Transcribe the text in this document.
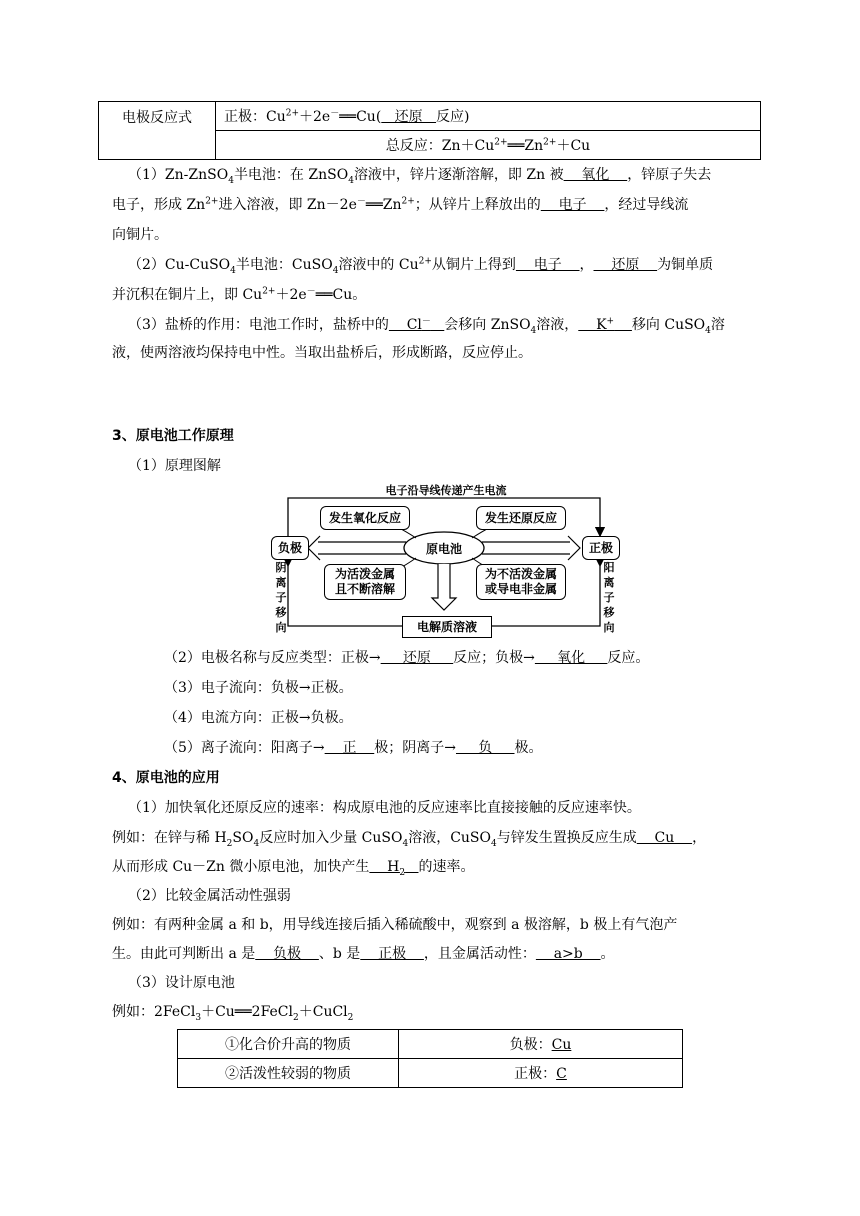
电极反应式	正极：$Cu^{2+}+2e^-══Cu$(   还原   反应)
总反应：$Zn+Cu^{2+}══Zn^{2+}+Cu$
（1）Zn-ZnSO$_4$半电池：在 ZnSO$_4$溶液中，锌片逐渐溶解，即 Zn 被    氧化    ，锌原子失去
电子，形成 $Zn^{2+}$进入溶液，即 $Zn-2e^-══Zn^{2+}$；从锌片上释放出的    电子    ，经过导线流
向铜片。
（2）Cu-CuSO$_4$半电池：CuSO$_4$溶液中的 $Cu^{2+}$从铜片上得到    电子    ，    还原    为铜单质
并沉积在铜片上，即 $Cu^{2+}+2e^-══Cu$。
（3）盐桥的作用：电池工作时，盐桥中的    Cl－ 会移向 ZnSO$_4$溶液，    K+ 移向 CuSO$_4$溶
液，使两溶液均保持电中性。当取出盐桥后，形成断路，反应停止。
3、原电池工作原理
（1）原理图解
电子沿导线传递产生电流
负极	正极
原电池
发生氧化反应	发生还原反应
为活泼金属
且不断溶解
为不活泼金属
或导电非金属
电解质溶液
阴
离
子
移
向
阳
离
子
移
向
（2）电极名称与反应类型：正极→     还原     反应；负极→     氧化     反应。
（3）电子流向：负极→正极。
（4）电流方向：正极→负极。
（5）离子流向：阳离子→    正    极；阴离子→     负     极。
4、原电池的应用
（1）加快氧化还原反应的速率：构成原电池的反应速率比直接接触的反应速率快。
例如：在锌与稀 $H_2SO_4$反应时加入少量 CuSO$_4$溶液，CuSO$_4$与锌发生置换反应生成    Cu    ，
从而形成 Cu－Zn 微小原电池，加快产生    $H_2$ 的速率。
（2）比较金属活动性强弱
例如：有两种金属 a 和 b，用导线连接后插入稀硫酸中，观察到 a 极溶解，b 极上有气泡产
生。由此可判断出 a 是    负极    、b 是    正极    ，且金属活动性：    a>b    。
（3）设计原电池
例如：2FeCl$_3$＋Cu══2FeCl$_2$＋CuCl$_2$
①化合价升高的物质	负极：Cu
②活泼性较弱的物质	正极：C
